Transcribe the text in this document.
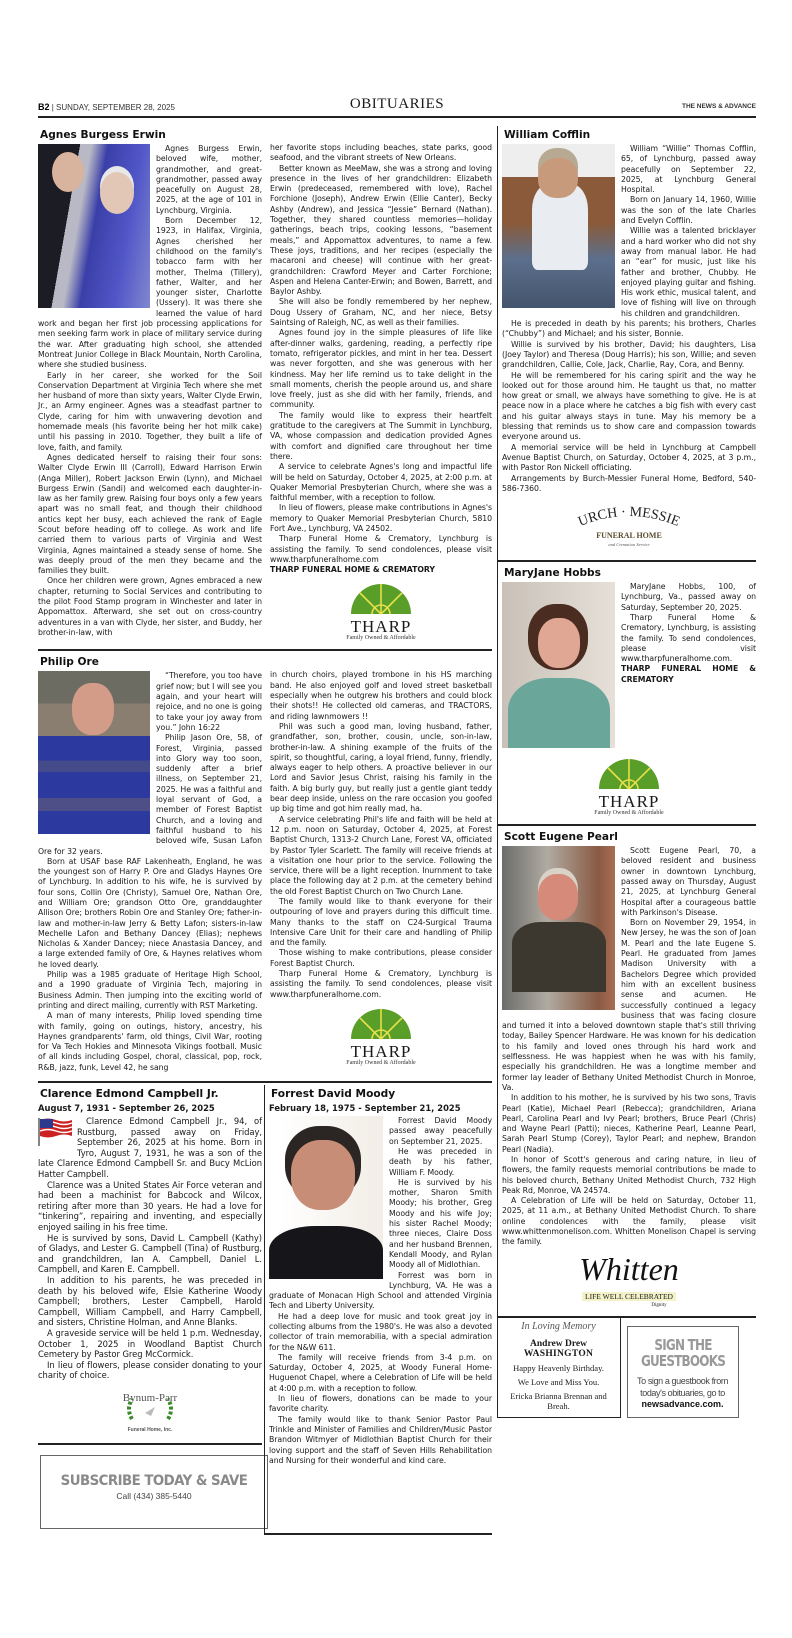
B2 | SUNDAY, SEPTEMBER 28, 2025	OBITUARIES	THE NEWS & ADVANCE
Agnes Burgess Erwin

Agnes Burgess Erwin, beloved wife, mother, grandmother, and great-grandmother, passed away peacefully on August 28, 2025, at the age of 101 in Lynchburg, Virginia.

Born December 12, 1923, in Halifax, Virginia, Agnes cherished her childhood on the family's tobacco farm with her mother, Thelma (Tillery), father, Walter, and her younger sister, Charlotte (Ussery). It was there she learned the value of hard work and began her first job processing applications for men seeking farm work in place of military service during the war. After graduating high school, she attended Montreat Junior College in Black Mountain, North Carolina, where she studied business.

Early in her career, she worked for the Soil Conservation Department at Virginia Tech where she met her husband of more than sixty years, Walter Clyde Erwin, Jr., an Army engineer. Agnes was a steadfast partner to Clyde, caring for him with unwavering devotion and homemade meals (his favorite being her hot milk cake) until his passing in 2010. Together, they built a life of love, faith, and family.

Agnes dedicated herself to raising their four sons: Walter Clyde Erwin III (Carroll), Edward Harrison Erwin (Anga Miller), Robert Jackson Erwin (Lynn), and Michael Burgess Erwin (Sandi) and welcomed each daughter-in-law as her family grew. Raising four boys only a few years apart was no small feat, and though their childhood antics kept her busy, each achieved the rank of Eagle Scout before heading off to college. As work and life carried them to various parts of Virginia and West Virginia, Agnes maintained a steady sense of home. She was deeply proud of the men they became and the families they built.

Once her children were grown, Agnes embraced a new chapter, returning to Social Services and contributing to the pilot Food Stamp program in Winchester and later in Appomattox. Afterward, she set out on cross-country adventures in a van with Clyde, her sister, and Buddy, her brother-in-law, with

her favorite stops including beaches, state parks, good seafood, and the vibrant streets of New Orleans.

Better known as MeeMaw, she was a strong and loving presence in the lives of her grandchildren: Elizabeth Erwin (predeceased, remembered with love), Rachel Forchione (Joseph), Andrew Erwin (Ellie Canter), Becky Ashby (Andrew), and Jessica “Jessie” Bernard (Nathan). Together, they shared countless memories—holiday gatherings, beach trips, cooking lessons, “basement meals,” and Appomattox adventures, to name a few. These joys, traditions, and her recipes (especially the macaroni and cheese) will continue with her great-grandchildren: Crawford Meyer and Carter Forchione; Aspen and Helena Canter-Erwin; and Bowen, Barrett, and Baylor Ashby.

She will also be fondly remembered by her nephew, Doug Ussery of Graham, NC, and her niece, Betsy Saintsing of Raleigh, NC, as well as their families.

Agnes found joy in the simple pleasures of life like after-dinner walks, gardening, reading, a perfectly ripe tomato, refrigerator pickles, and mint in her tea. Dessert was never forgotten, and she was generous with her kindness. May her life remind us to take delight in the small moments, cherish the people around us, and share love freely, just as she did with her family, friends, and community.

The family would like to express their heartfelt gratitude to the caregivers at The Summit in Lynchburg, VA, whose compassion and dedication provided Agnes with comfort and dignified care throughout her time there.

A service to celebrate Agnes's long and impactful life will be held on Saturday, October 4, 2025, at 2:00 p.m. at Quaker Memorial Presbyterian Church, where she was a faithful member, with a reception to follow.

In lieu of flowers, please make contributions in Agnes's memory to Quaker Memorial Presbyterian Church, 5810 Fort Ave., Lynchburg, VA 24502.

Tharp Funeral Home & Crematory, Lynchburg is assisting the family. To send condolences, please visit www.tharpfuneralhome.com

THARP FUNERAL HOME & CREMATORY

THARP
Family Owned & Affordable
Philip Ore

“Therefore, you too have grief now; but I will see you again, and your heart will rejoice, and no one is going to take your joy away from you.” John 16:22

Philip Jason Ore, 58, of Forest, Virginia, passed into Glory way too soon, suddenly after a brief illness, on September 21, 2025. He was a faithful and loyal servant of God, a member of Forest Baptist Church, and a loving and faithful husband to his beloved wife, Susan Lafon Ore for 32 years.

Born at USAF base RAF Lakenheath, England, he was the youngest son of Harry P. Ore and Gladys Haynes Ore of Lynchburg. In addition to his wife, he is survived by four sons, Collin Ore (Christy), Samuel Ore, Nathan Ore, and William Ore; grandson Otto Ore, granddaughter Allison Ore; brothers Robin Ore and Stanley Ore; father-in-law and mother-in-law Jerry & Betty Lafon; sisters-in-law Mechelle Lafon and Bethany Dancey (Elias); nephews Nicholas & Xander Dancey; niece Anastasia Dancey, and a large extended family of Ore, & Haynes relatives whom he loved dearly.

Philip was a 1985 graduate of Heritage High School, and a 1990 graduate of Virginia Tech, majoring in Business Admin. Then jumping into the exciting world of printing and direct mailing, currently with RST Marketing.

A man of many interests, Philip loved spending time with family, going on outings, history, ancestry, his Haynes grandparents' farm, old things, Civil War, rooting for Va Tech Hokies and Minnesota Vikings football. Music of all kinds including Gospel, choral, classical, pop, rock, R&B, jazz, funk, Level 42, he sang

in church choirs, played trombone in his HS marching band. He also enjoyed golf and loved street basketball especially when he outgrew his brothers and could block their shots!! He collected old cameras, and TRACTORS, and riding lawnmowers !!

Phil was such a good man, loving husband, father, grandfather, son, brother, cousin, uncle, son-in-law, brother-in-law. A shining example of the fruits of the spirit, so thoughtful, caring, a loyal friend, funny, friendly, always eager to help others. A proactive believer in our Lord and Savior Jesus Christ, raising his family in the faith. A big burly guy, but really just a gentle giant teddy bear deep inside, unless on the rare occasion you goofed up big time and got him really mad, ha.

A service celebrating Phil's life and faith will be held at 12 p.m. noon on Saturday, October 4, 2025, at Forest Baptist Church, 1313-2 Church Lane, Forest VA, officiated by Pastor Tyler Scarlett. The family will receive friends at a visitation one hour prior to the service. Following the service, there will be a light reception. Inurnment to take place the following day at 2 p.m. at the cemetery behind the old Forest Baptist Church on Two Church Lane.

The family would like to thank everyone for their outpouring of love and prayers during this difficult time. Many thanks to the staff on C24-Surgical Trauma Intensive Care Unit for their care and handling of Philip and the family.

Those wishing to make contributions, please consider Forest Baptist Church.

Tharp Funeral Home & Crematory, Lynchburg is assisting the family. To send condolences, please visit www.tharpfuneralhome.com.

THARP
Family Owned & Affordable
Clarence Edmond Campbell Jr.
August 7, 1931 - September 26, 2025

Clarence Edmond Campbell Jr., 94, of Rustburg, passed away on Friday, September 26, 2025 at his home. Born in Tyro, August 7, 1931, he was a son of the late Clarence Edmond Campbell Sr. and Bucy McLion Hatter Campbell.

Clarence was a United States Air Force veteran and had been a machinist for Babcock and Wilcox, retiring after more than 30 years. He had a love for “tinkering”, repairing and inventing, and especially enjoyed sailing in his free time.

He is survived by sons, David L. Campbell (Kathy) of Gladys, and Lester G. Campbell (Tina) of Rustburg, and grandchildren, Ian A. Campbell, Daniel L. Campbell, and Karen E. Campbell.

In addition to his parents, he was preceded in death by his beloved wife, Elsie Katherine Woody Campbell; brothers, Lester Campbell, Harold Campbell, William Campbell, and Harry Campbell, and sisters, Christine Holman, and Anne Blanks.

A graveside service will be held 1 p.m. Wednesday, October 1, 2025 in Woodland Baptist Church Cemetery by Pastor Greg McCormick.

In lieu of flowers, please consider donating to your charity of choice.

Bynum-Parr
Funeral Home, Inc.
SUBSCRIBE TODAY & SAVE
Call (434) 385-5440
Forrest David Moody
February 18, 1975 - September 21, 2025

Forrest David Moody passed away peacefully on September 21, 2025.

He was preceded in death by his father, William F. Moody.

He is survived by his mother, Sharon Smith Moody; his brother, Greg Moody and his wife Joy; his sister Rachel Moody; three nieces, Claire Doss and her husband Brennen, Kendall Moody, and Rylan Moody all of Midlothian.

Forrest was born in Lynchburg, VA. He was a graduate of Monacan High School and attended Virginia Tech and Liberty University.

He had a deep love for music and took great joy in collecting albums from the 1980's. He was also a devoted collector of train memorabilia, with a special admiration for the N&W 611.

The family will receive friends from 3-4 p.m. on Saturday, October 4, 2025, at Woody Funeral Home-Huguenot Chapel, where a Celebration of Life will be held at 4:00 p.m. with a reception to follow.

In lieu of flowers, donations can be made to your favorite charity.

The family would like to thank Senior Pastor Paul Trinkle and Minister of Families and Children/Music Pastor Brandon Witmyer of Midlothian Baptist Church for their loving support and the staff of Seven Hills Rehabilitation and Nursing for their wonderful and kind care.

William Cofflin

William “Willie” Thomas Cofflin, 65, of Lynchburg, passed away peacefully on September 22, 2025, at Lynchburg General Hospital.

Born on January 14, 1960, Willie was the son of the late Charles and Evelyn Cofflin.

Willie was a talented bricklayer and a hard worker who did not shy away from manual labor. He had an “ear” for music, just like his father and brother, Chubby. He enjoyed playing guitar and fishing. His work ethic, musical talent, and love of fishing will live on through his children and grandchildren.

He is preceded in death by his parents; his brothers, Charles (“Chubby”) and Michael; and his sister, Bonnie.

Willie is survived by his brother, David; his daughters, Lisa (Joey Taylor) and Theresa (Doug Harris); his son, Willie; and seven grandchildren, Callie, Cole, Jack, Charlie, Ray, Cora, and Benny.

He will be remembered for his caring spirit and the way he looked out for those around him. He taught us that, no matter how great or small, we always have something to give. He is at peace now in a place where he catches a big fish with every cast and his guitar always stays in tune. May his memory be a blessing that reminds us to show care and compassion towards everyone around us.

A memorial service will be held in Lynchburg at Campbell Avenue Baptist Church, on Saturday, October 4, 2025, at 3 p.m., with Pastor Ron Nickell officiating.

Arrangements by Burch-Messier Funeral Home, Bedford, 540-586-7360.

URCH · MESSIE
FUNERAL HOME
and Cremation Service
MaryJane Hobbs

MaryJane Hobbs, 100, of Lynchburg, Va., passed away on Saturday, September 20, 2025.

Tharp Funeral Home & Crematory, Lynchburg, is assisting the family. To send condolences, please visit www.tharpfuneralhome.com.

THARP FUNERAL HOME & CREMATORY

THARP
Family Owned & Affordable
Scott Eugene Pearl

Scott Eugene Pearl, 70, a beloved resident and business owner in downtown Lynchburg, passed away on Thursday, August 21, 2025, at Lynchburg General Hospital after a courageous battle with Parkinson's Disease.

Born on November 29, 1954, in New Jersey, he was the son of Joan M. Pearl and the late Eugene S. Pearl. He graduated from James Madison University with a Bachelors Degree which provided him with an excellent business sense and acumen. He successfully continued a legacy business that was facing closure and turned it into a beloved downtown staple that's still thriving today, Bailey Spencer Hardware. He was known for his dedication to his family and loved ones through his hard work and selflessness. He was happiest when he was with his family, especially his grandchildren. He was a longtime member and former lay leader of Bethany United Methodist Church in Monroe, Va.

In addition to his mother, he is survived by his two sons, Travis Pearl (Katie), Michael Pearl (Rebecca); grandchildren, Ariana Pearl, Carolina Pearl and Ivy Pearl; brothers, Bruce Pearl (Chris) and Wayne Pearl (Patti); nieces, Katherine Pearl, Leanne Pearl, Sarah Pearl Stump (Corey), Taylor Pearl; and nephew, Brandon Pearl (Nadia).

In honor of Scott's generous and caring nature, in lieu of flowers, the family requests memorial contributions be made to his beloved church, Bethany United Methodist Church, 732 High Peak Rd, Monroe, VA 24574.

A Celebration of Life will be held on Saturday, October 11, 2025, at 11 a.m., at Bethany United Methodist Church. To share online condolences with the family, please visit www.whittenmonelison.com. Whitten Monelison Chapel is serving the family.

Whitten
LIFE WELL CELEBRATED
Dignity
In Loving Memory
Andrew Drew
WASHINGTON
Happy Heavenly Birthday.
We Love and Miss You.
Ericka Brianna Brennan and Breah.
SIGN THE
GUESTBOOKS
To sign a guestbook from today's obituaries, go to
newsadvance.com.
